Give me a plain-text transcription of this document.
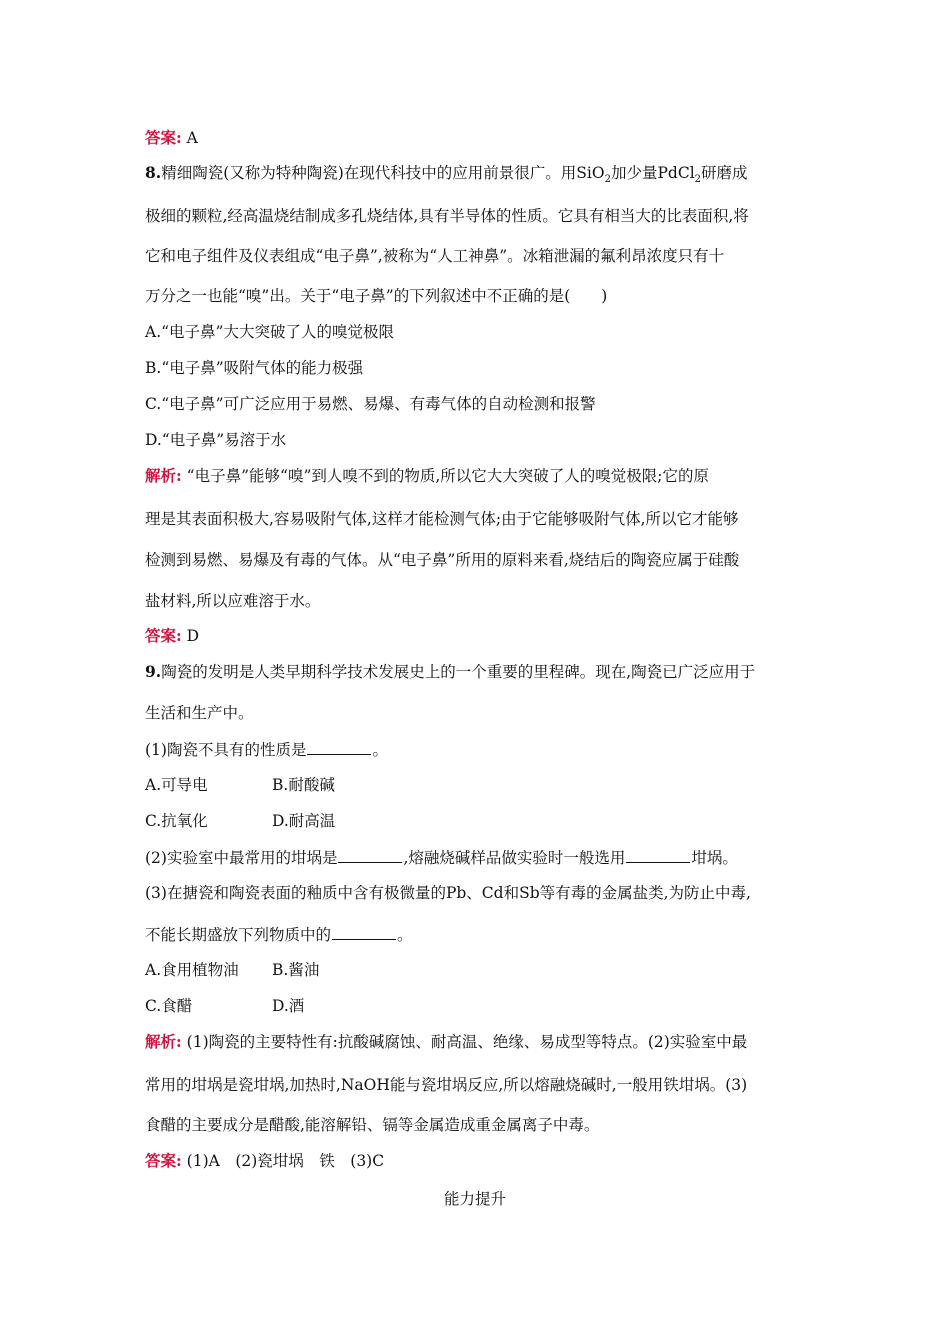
答案: A
8.精细陶瓷(又称为特种陶瓷)在现代科技中的应用前景很广。用SiO$_2$加少量PdCl$_2$研磨成
极细的颗粒,经高温烧结制成多孔烧结体,具有半导体的性质。它具有相当大的比表面积,将
它和电子组件及仪表组成“电子鼻”,被称为“人工神鼻”。冰箱泄漏的氟利昂浓度只有十
万分之一也能“嗅”出。关于“电子鼻”的下列叙述中不正确的是(　　)
A.“电子鼻”大大突破了人的嗅觉极限
B.“电子鼻”吸附气体的能力极强
C.“电子鼻”可广泛应用于易燃、易爆、有毒气体的自动检测和报警
D.“电子鼻”易溶于水
解析: “电子鼻”能够“嗅”到人嗅不到的物质,所以它大大突破了人的嗅觉极限;它的原
理是其表面积极大,容易吸附气体,这样才能检测气体;由于它能够吸附气体,所以它才能够
检测到易燃、易爆及有毒的气体。从“电子鼻”所用的原料来看,烧结后的陶瓷应属于硅酸
盐材料,所以应难溶于水。
答案: D
9.陶瓷的发明是人类早期科学技术发展史上的一个重要的里程碑。现在,陶瓷已广泛应用于
生活和生产中。
(1)陶瓷不具有的性质是	。
A.可导电	B.耐酸碱
C.抗氧化	D.耐高温
(2)实验室中最常用的坩埚是	,熔融烧碱样品做实验时一般选用	坩埚。
(3)在搪瓷和陶瓷表面的釉质中含有极微量的Pb、Cd和Sb等有毒的金属盐类,为防止中毒,
不能长期盛放下列物质中的	。
A.食用植物油 B.酱油
C.食醋	D.酒
解析: (1)陶瓷的主要特性有:抗酸碱腐蚀、耐高温、绝缘、易成型等特点。(2)实验室中最
常用的坩埚是瓷坩埚,加热时,NaOH能与瓷坩埚反应,所以熔融烧碱时,一般用铁坩埚。(3)
食醋的主要成分是醋酸,能溶解铅、镉等金属造成重金属离子中毒。
答案: (1)A　(2)瓷坩埚　铁　(3)C
能力提升
